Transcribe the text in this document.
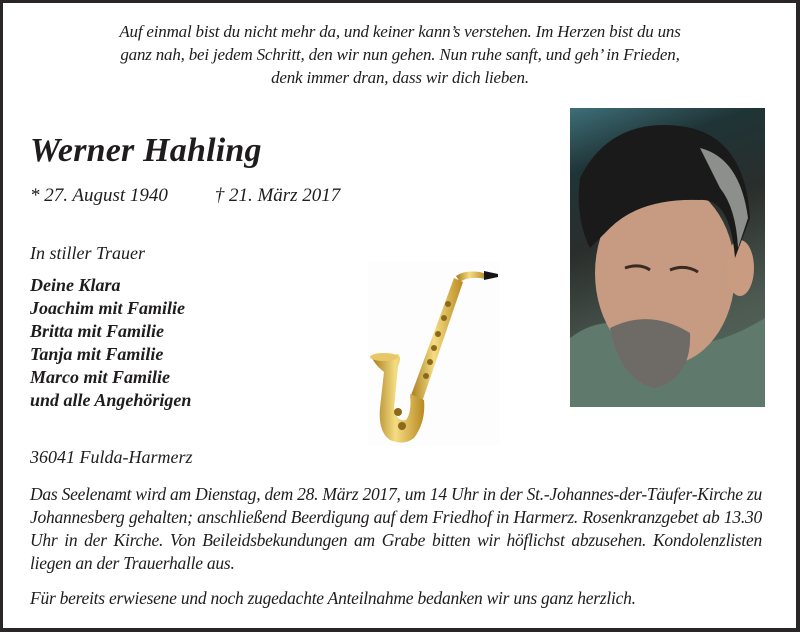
Auf einmal bist du nicht mehr da, und keiner kann’s verstehen. Im Herzen bist du uns
ganz nah, bei jedem Schritt, den wir nun gehen. Nun ruhe sanft, und geh’ in Frieden,
denk immer dran, dass wir dich lieben.
Werner Hahling
* 27. August 1940 † 21. März 2017
In stiller Trauer
Deine Klara
Joachim mit Familie
Britta mit Familie
Tanja mit Familie
Marco mit Familie
und alle Angehörigen
36041 Fulda-Harmerz
Das Seelenamt wird am Dienstag, dem 28. März 2017, um 14 Uhr in der St.-Johannes-der-Täufer-Kirche zu Johannesberg gehalten; anschließend Beerdigung auf dem Friedhof in Harmerz. Rosenkranzgebet ab 13.30 Uhr in der Kirche. Von Beileidsbekundungen am Grabe bitten wir höflichst abzusehen. Kondolenzlisten liegen an der Trauerhalle aus.
Für bereits erwiesene und noch zugedachte Anteilnahme bedanken wir uns ganz herzlich.
